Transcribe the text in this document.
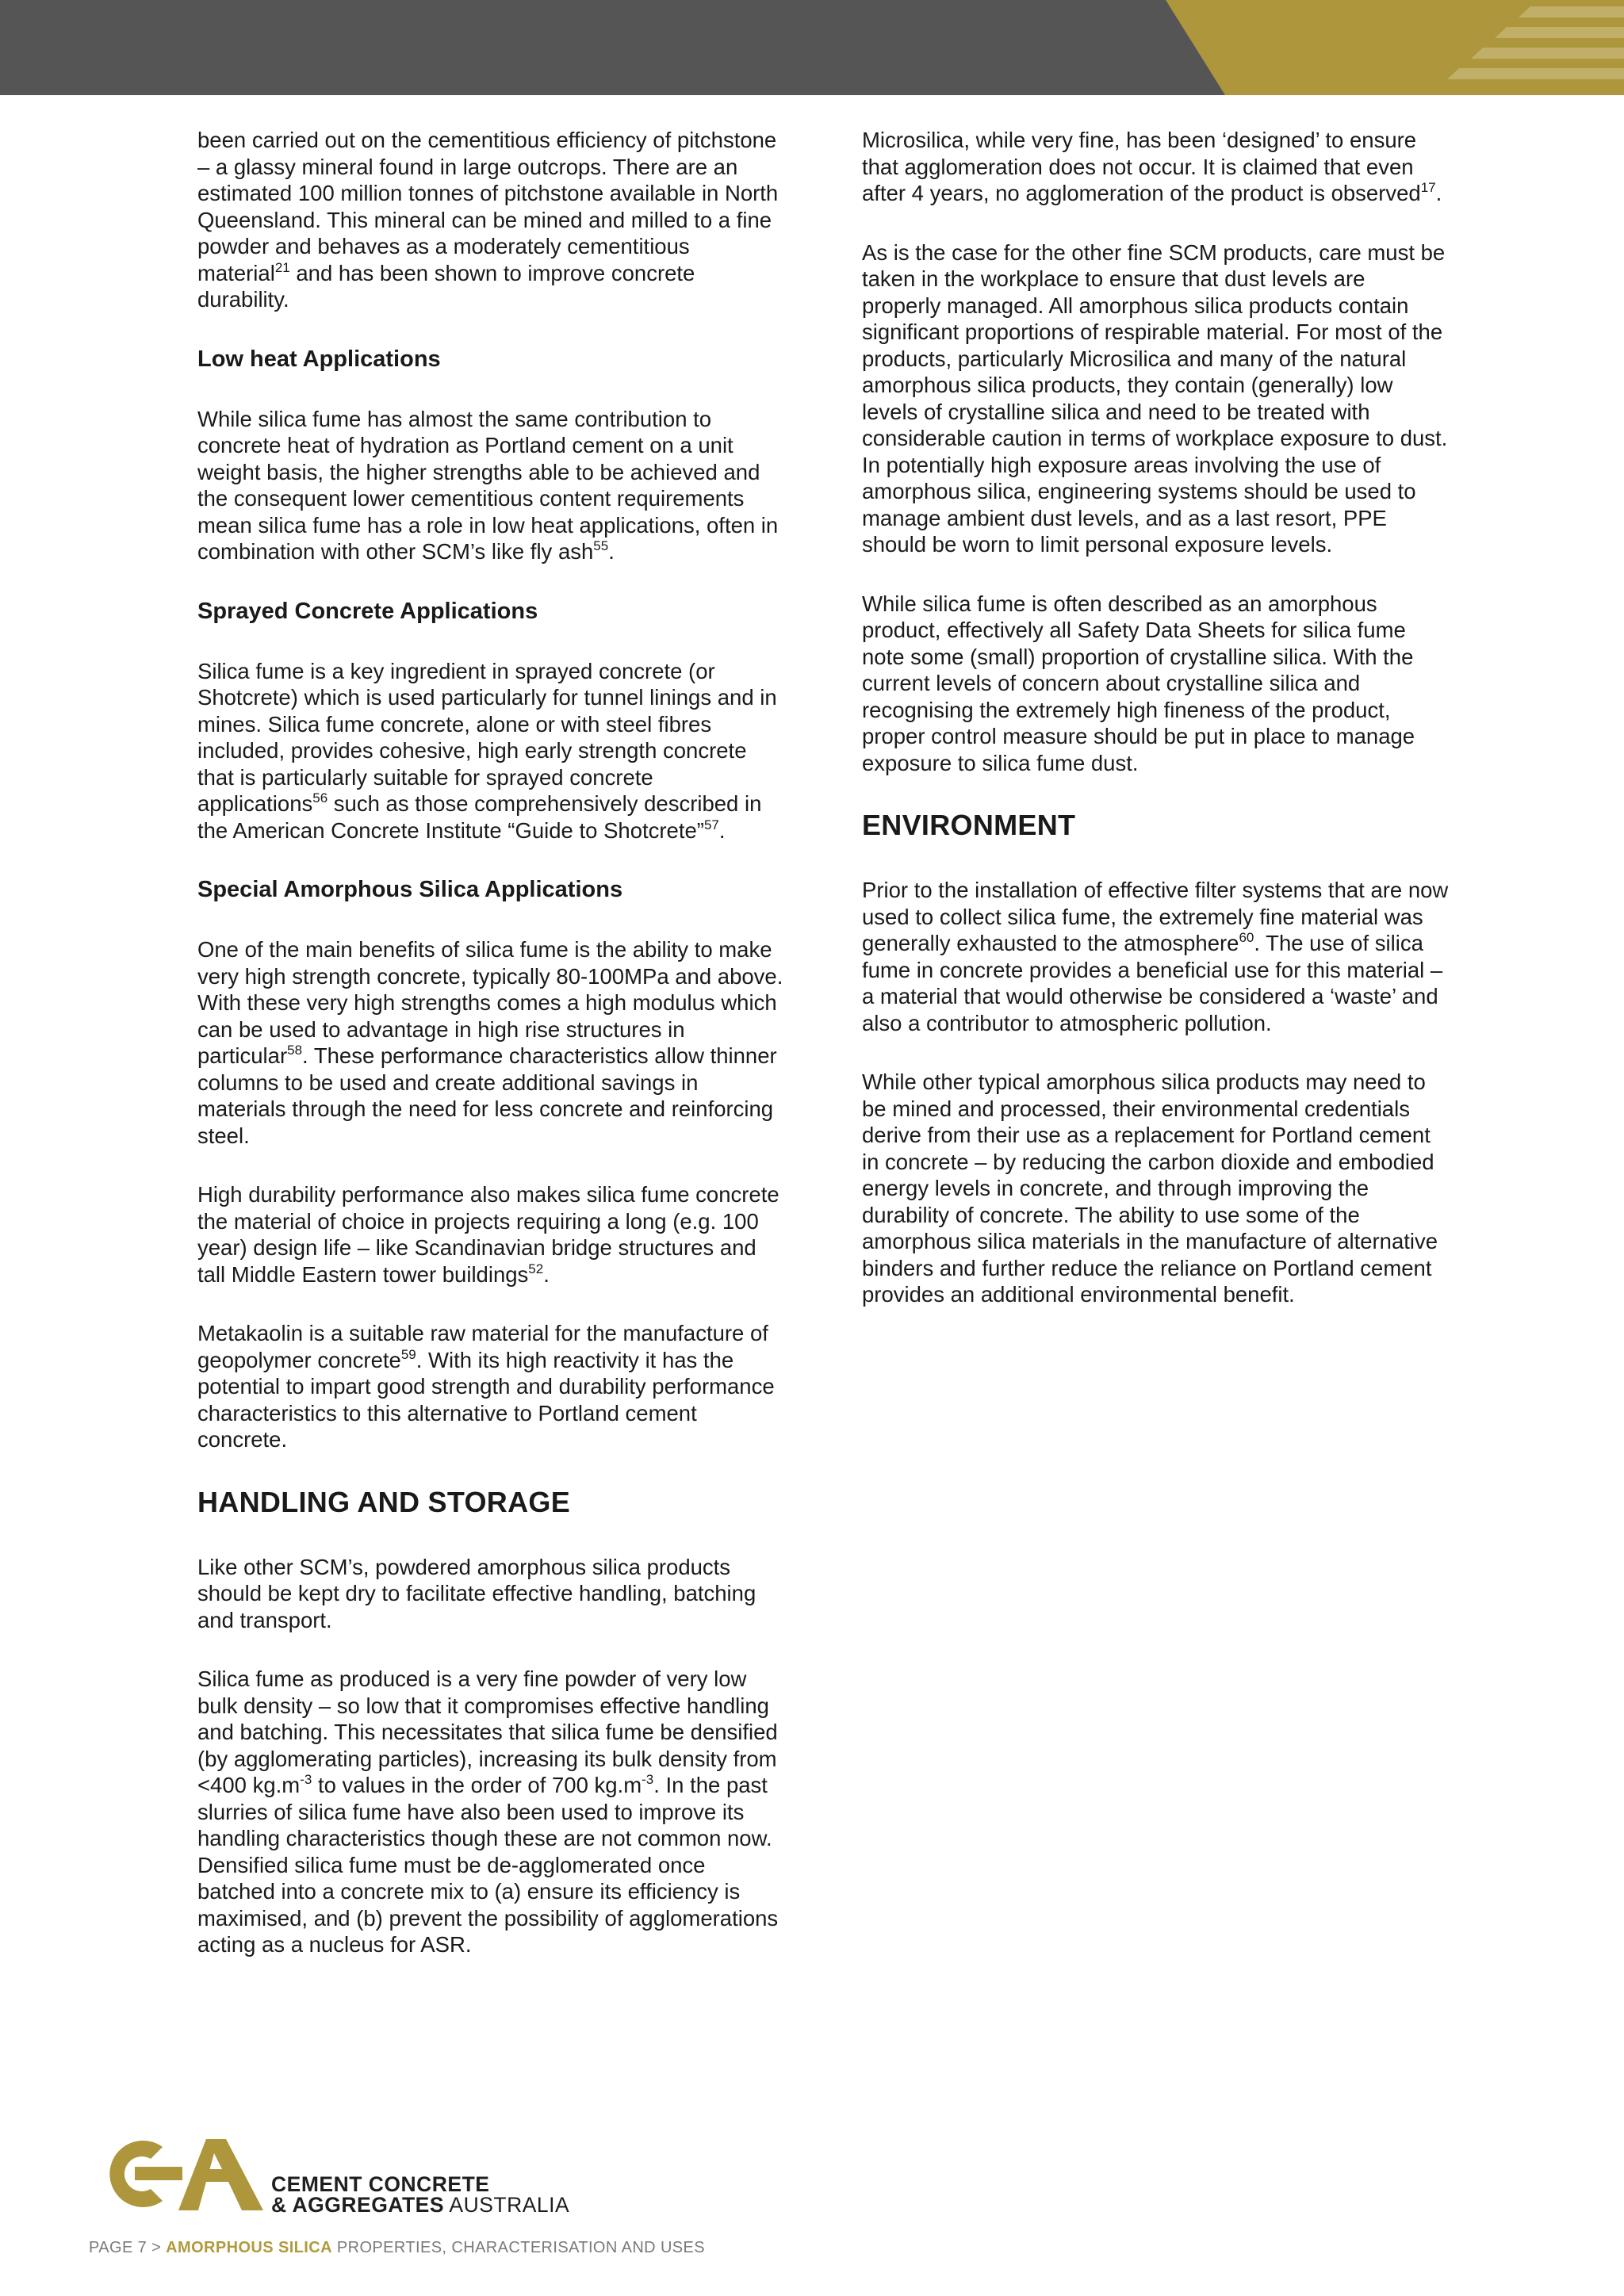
been carried out on the cementitious efficiency of pitchstone – a glassy mineral found in large outcrops. There are an estimated 100 million tonnes of pitchstone available in North Queensland. This mineral can be mined and milled to a fine powder and behaves as a moderately cementitious material$^{21}$ and has been shown to improve concrete durability.

Low heat Applications

While silica fume has almost the same contribution to concrete heat of hydration as Portland cement on a unit weight basis, the higher strengths able to be achieved and the consequent lower cementitious content requirements mean silica fume has a role in low heat applications, often in combination with other SCM’s like fly ash$^{55}$.

Sprayed Concrete Applications

Silica fume is a key ingredient in sprayed concrete (or Shotcrete) which is used particularly for tunnel linings and in mines. Silica fume concrete, alone or with steel fibres included, provides cohesive, high early strength concrete that is particularly suitable for sprayed concrete applications$^{56}$ such as those comprehensively described in the American Concrete Institute “Guide to Shotcrete”$^{57}$.

Special Amorphous Silica Applications

One of the main benefits of silica fume is the ability to make very high strength concrete, typically 80-100MPa and above. With these very high strengths comes a high modulus which can be used to advantage in high rise structures in particular$^{58}$. These performance characteristics allow thinner columns to be used and create additional savings in materials through the need for less concrete and reinforcing steel.

High durability performance also makes silica fume concrete the material of choice in projects requiring a long (e.g. 100 year) design life – like Scandinavian bridge structures and tall Middle Eastern tower buildings$^{52}$.

Metakaolin is a suitable raw material for the manufacture of geopolymer concrete$^{59}$. With its high reactivity it has the potential to impart good strength and durability performance characteristics to this alternative to Portland cement concrete.

HANDLING AND STORAGE

Like other SCM’s, powdered amorphous silica products should be kept dry to facilitate effective handling, batching and transport.

Silica fume as produced is a very fine powder of very low bulk density – so low that it compromises effective handling and batching. This necessitates that silica fume be densified (by agglomerating particles), increasing its bulk density from <400 $kg.m^{-3}$ to values in the order of 700 $kg.m^{-3}$. In the past slurries of silica fume have also been used to improve its handling characteristics though these are not common now. Densified silica fume must be de-agglomerated once batched into a concrete mix to (a) ensure its efficiency is maximised, and (b) prevent the possibility of agglomerations acting as a nucleus for ASR.

Microsilica, while very fine, has been ‘designed’ to ensure that agglomeration does not occur. It is claimed that even after 4 years, no agglomeration of the product is observed$^{17}$.

As is the case for the other fine SCM products, care must be taken in the workplace to ensure that dust levels are properly managed. All amorphous silica products contain significant proportions of respirable material. For most of the products, particularly Microsilica and many of the natural amorphous silica products, they contain (generally) low levels of crystalline silica and need to be treated with considerable caution in terms of workplace exposure to dust. In potentially high exposure areas involving the use of amorphous silica, engineering systems should be used to manage ambient dust levels, and as a last resort, PPE should be worn to limit personal exposure levels.

While silica fume is often described as an amorphous product, effectively all Safety Data Sheets for silica fume note some (small) proportion of crystalline silica. With the current levels of concern about crystalline silica and recognising the extremely high fineness of the product, proper control measure should be put in place to manage exposure to silica fume dust.

ENVIRONMENT

Prior to the installation of effective filter systems that are now used to collect silica fume, the extremely fine material was generally exhausted to the atmosphere$^{60}$. The use of silica fume in concrete provides a beneficial use for this material – a material that would otherwise be considered a ‘waste’ and also a contributor to atmospheric pollution.

While other typical amorphous silica products may need to be mined and processed, their environmental credentials derive from their use as a replacement for Portland cement in concrete – by reducing the carbon dioxide and embodied energy levels in concrete, and through improving the durability of concrete. The ability to use some of the amorphous silica materials in the manufacture of alternative binders and further reduce the reliance on Portland cement provides an additional environmental benefit.

CEMENT CONCRETE
& AGGREGATES AUSTRALIA
PAGE 7 > AMORPHOUS SILICA PROPERTIES, CHARACTERISATION AND USES
